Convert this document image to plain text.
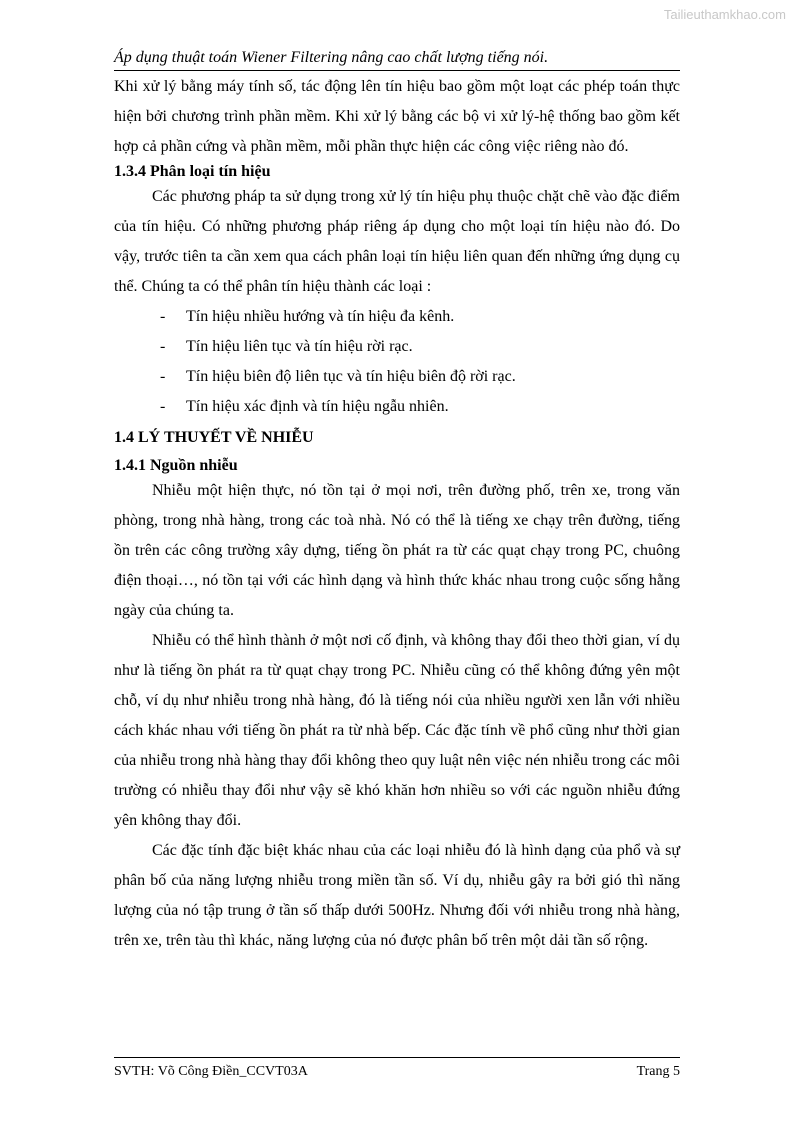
Tailieuthamkhao.com
Áp dụng thuật toán Wiener Filtering nâng cao chất lượng tiếng nói.

Khi xử lý bằng máy tính số, tác động lên tín hiệu bao gồm một loạt các phép toán thực hiện bởi chương trình phần mềm. Khi xử lý bằng các bộ vi xử lý-hệ thống bao gồm kết hợp cả phần cứng và phần mềm, mỗi phần thực hiện các công việc riêng nào đó.

1.3.4 Phân loại tín hiệu

Các phương pháp ta sử dụng trong xử lý tín hiệu phụ thuộc chặt chẽ vào đặc điểm của tín hiệu. Có những phương pháp riêng áp dụng cho một loại tín hiệu nào đó. Do vậy, trước tiên ta cần xem qua cách phân loại tín hiệu liên quan đến những ứng dụng cụ thể. Chúng ta có thể phân tín hiệu thành các loại :

- Tín hiệu nhiều hướng và tín hiệu đa kênh.
- Tín hiệu liên tục và tín hiệu rời rạc.
- Tín hiệu biên độ liên tục và tín hiệu biên độ rời rạc.
- Tín hiệu xác định và tín hiệu ngẫu nhiên.
1.4 LÝ THUYẾT VỀ NHIỄU
1.4.1 Nguồn nhiễu

Nhiễu một hiện thực, nó tồn tại ở mọi nơi, trên đường phố, trên xe, trong văn phòng, trong nhà hàng, trong các toà nhà. Nó có thể là tiếng xe chạy trên đường, tiếng ồn trên các công trường xây dựng, tiếng ồn phát ra từ các quạt chạy trong PC, chuông điện thoại…, nó tồn tại với các hình dạng và hình thức khác nhau trong cuộc sống hằng ngày của chúng ta.

Nhiễu có thể hình thành ở một nơi cố định, và không thay đổi theo thời gian, ví dụ như là tiếng ồn phát ra từ quạt chạy trong PC. Nhiễu cũng có thể không đứng yên một chỗ, ví dụ như nhiễu trong nhà hàng, đó là tiếng nói của nhiều người xen lẫn với nhiều cách khác nhau với tiếng ồn phát ra từ nhà bếp. Các đặc tính về phổ cũng như thời gian của nhiễu trong nhà hàng thay đổi không theo quy luật nên việc nén nhiễu trong các môi trường có nhiễu thay đổi như vậy sẽ khó khăn hơn nhiều so với các nguồn nhiễu đứng yên không thay đổi.

Các đặc tính đặc biệt khác nhau của các loại nhiễu đó là hình dạng của phổ và sự phân bố của năng lượng nhiễu trong miền tần số. Ví dụ, nhiễu gây ra bởi gió thì năng lượng của nó tập trung ở tần số thấp dưới 500Hz. Nhưng đối với nhiễu trong nhà hàng, trên xe, trên tàu thì khác, năng lượng của nó được phân bố trên một dải tần số rộng.

SVTH: Võ Công Điền_CCVT03A	Trang 5
